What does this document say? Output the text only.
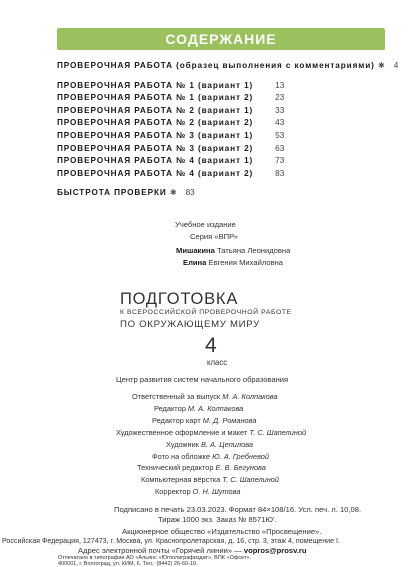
СОДЕРЖАНИЕ
ПРОВЕРОЧНАЯ РАБОТА (образец выполнения с комментариями) ✱ 4
ПРОВЕРОЧНАЯ РАБОТА № 1 (вариант 1)	13
ПРОВЕРОЧНАЯ РАБОТА № 1 (вариант 2)	23
ПРОВЕРОЧНАЯ РАБОТА № 2 (вариант 1)	33
ПРОВЕРОЧНАЯ РАБОТА № 2 (вариант 2)	43
ПРОВЕРОЧНАЯ РАБОТА № 3 (вариант 1)	53
ПРОВЕРОЧНАЯ РАБОТА № 3 (вариант 2)	63
ПРОВЕРОЧНАЯ РАБОТА № 4 (вариант 1)	73
ПРОВЕРОЧНАЯ РАБОТА № 4 (вариант 2)	83
БЫСТРОТА ПРОВЕРКИ ✱ 83
Учебное издание
Серия «ВПР»
Мишакина Татьяна Леонидовна
Елина Евгения Михайловна
ПОДГОТОВКА
К ВСЕРОССИЙСКОЙ ПРОВЕРОЧНОЙ РАБОТЕ
ПО ОКРУЖАЮЩЕМУ МИРУ
4
класс
Центр развития систем начального образования
Ответственный за выпуск М. А. Колпакова
Редактор М. А. Колпакова
Редактор карт М. Д. Романова
Художественное оформление и макет Т. С. Шапелиной
Художник В. А. Цепилова
Фото на обложке Ю. А. Гребневой
Технический редактор Е. В. Бегунова
Компьютерная вёрстка Т. С. Шапелиной
Корректор О. Н. Шутова
Подписано в печать 23.03.2023. Формат 84×108/16. Усл. печ. л. 10,08.
Тираж 1000 экз. Заказ № 8571Ю'.
Акционерное общество «Издательство «Просвещение».
Российская Федерация, 127473, г. Москва, ул. Краснопролетарская, д. 16, стр. 3, этаж 4, помещение I.
Адрес электронной почты «Горячей линии» — vopros@prosv.ru
Отпечатано в типографии АО «Альянс «Югполиграфиздат», ВПК «Офсет».
400001, г. Волгоград, ул. КИМ, 6. Тел.: (8442) 26-60-10.
